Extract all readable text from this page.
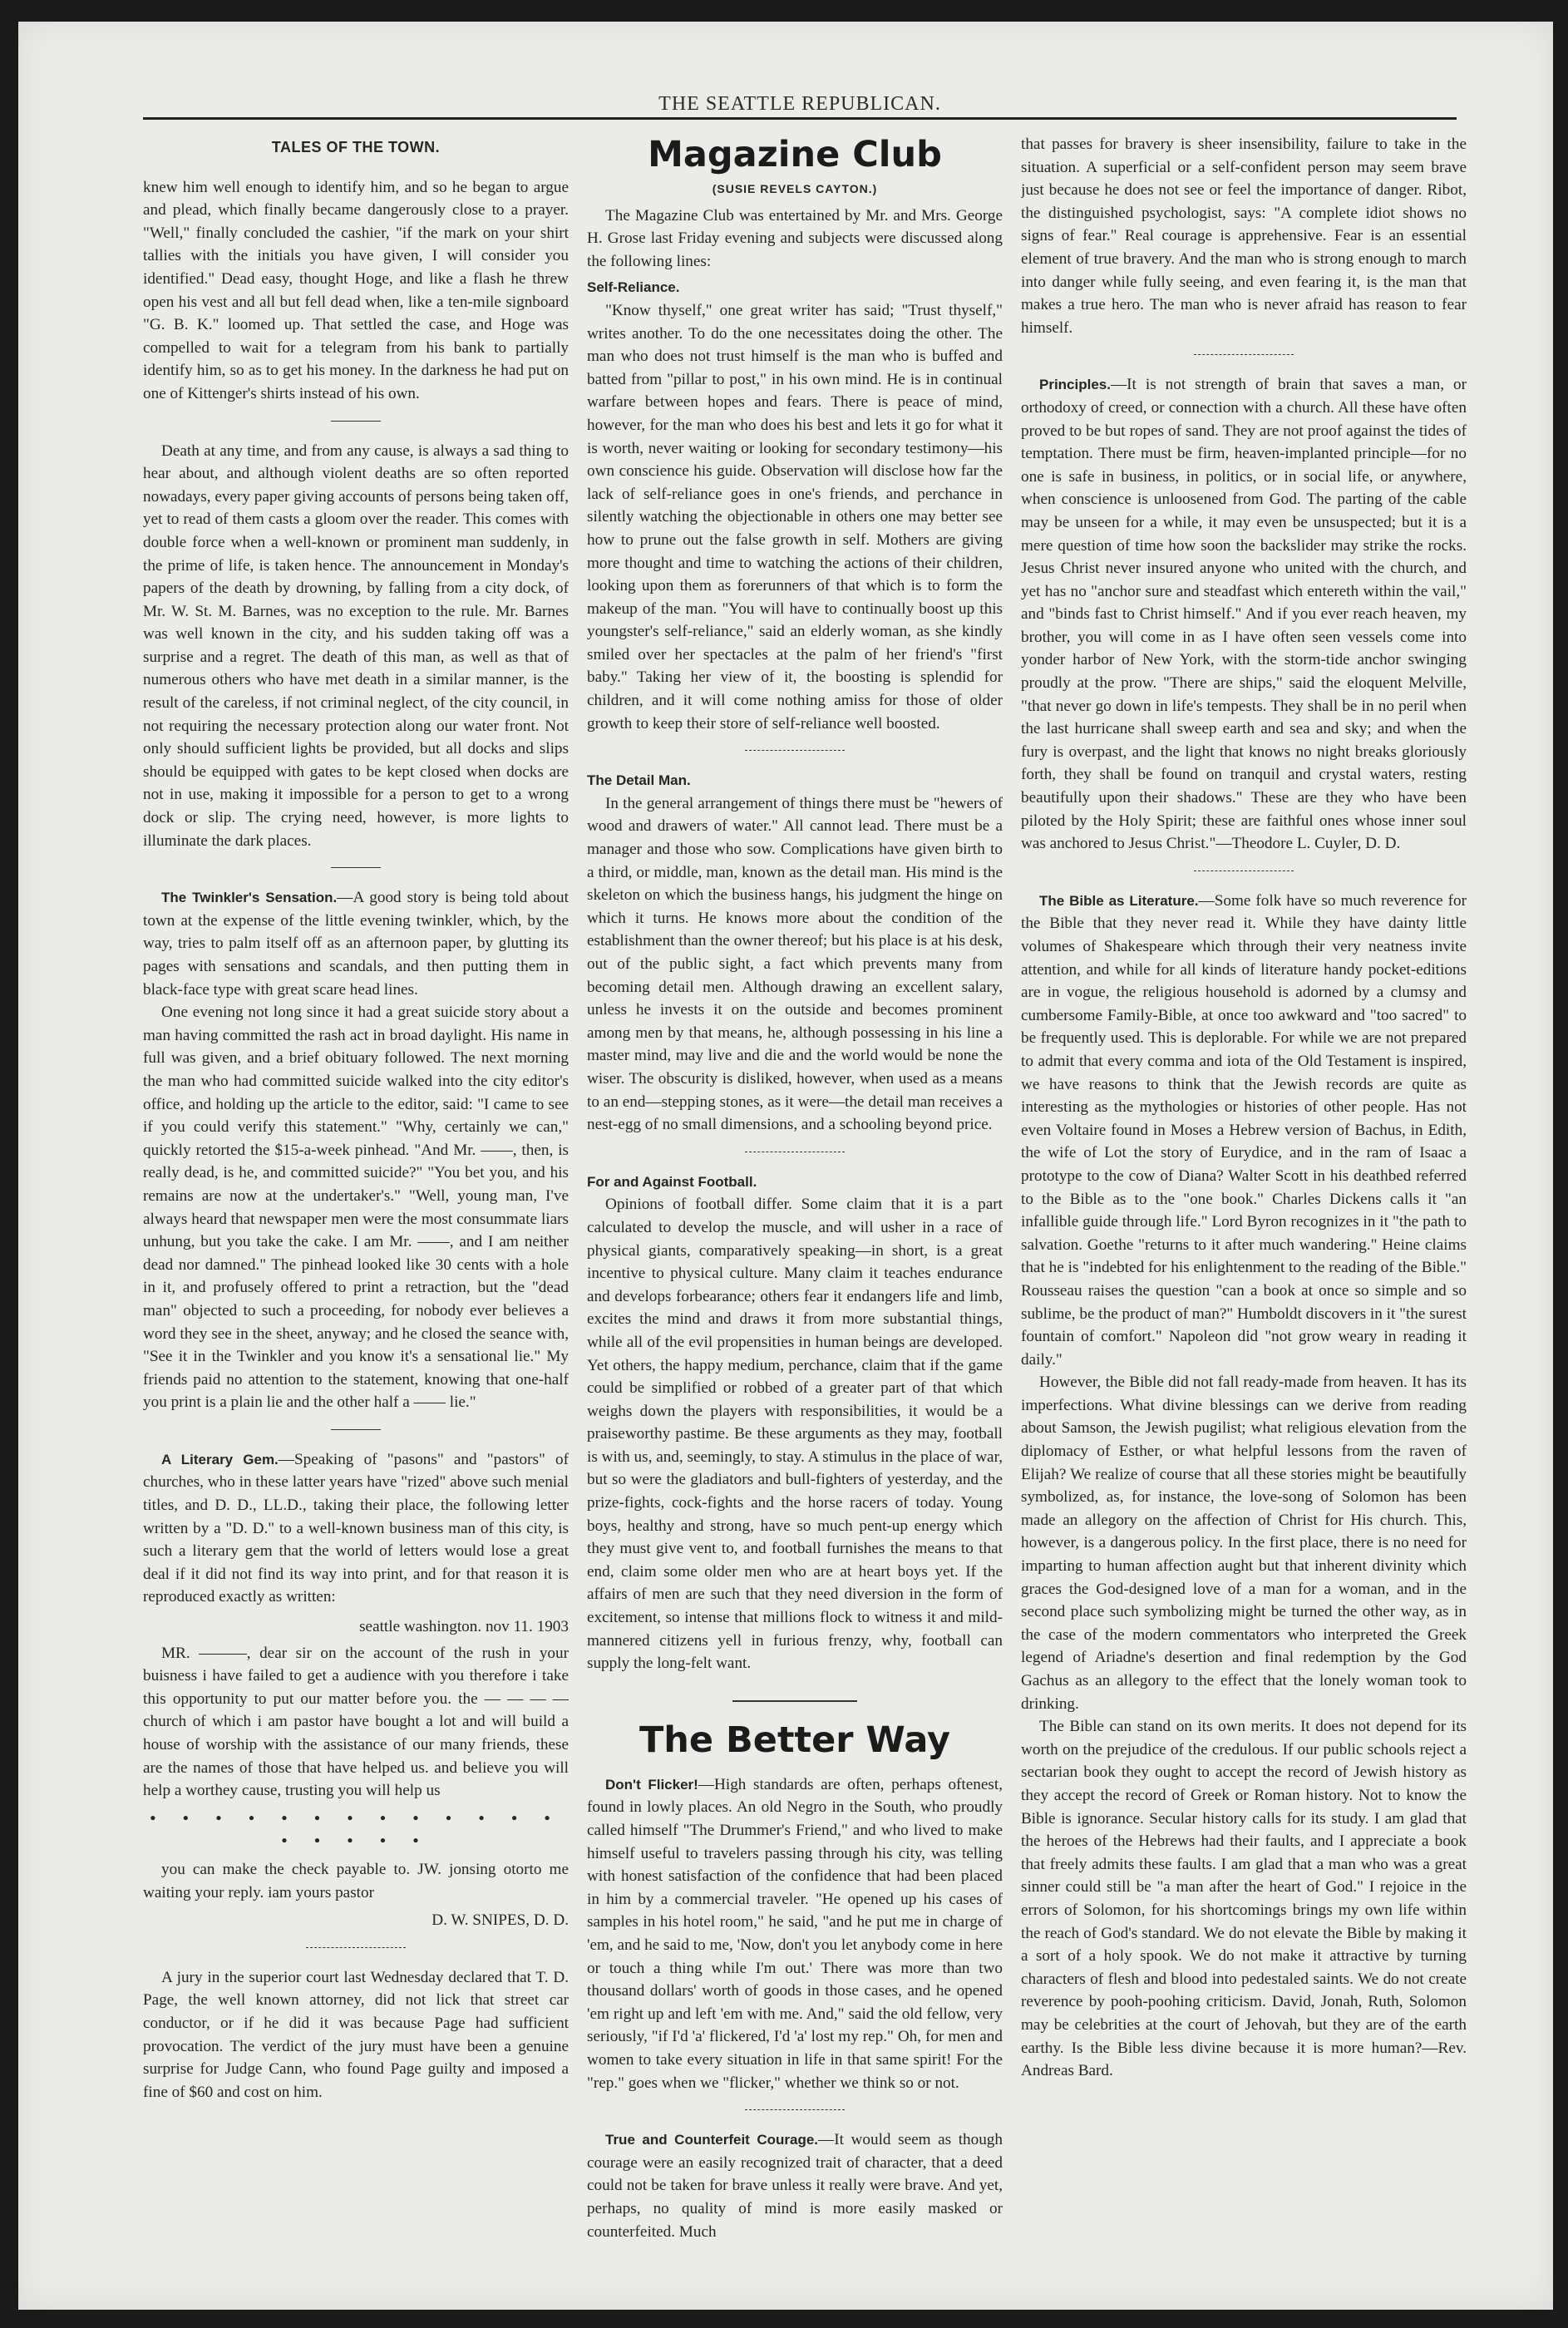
THE SEATTLE REPUBLICAN.
TALES OF THE TOWN.

knew him well enough to identify him, and so he began to argue and plead, which finally became dangerously close to a prayer. "Well," finally concluded the cashier, "if the mark on your shirt tallies with the initials you have given, I will consider you identified." Dead easy, thought Hoge, and like a flash he threw open his vest and all but fell dead when, like a ten-mile signboard "G. B. K." loomed up. That settled the case, and Hoge was compelled to wait for a telegram from his bank to partially identify him, so as to get his money. In the darkness he had put on one of Kittenger's shirts instead of his own.

Death at any time, and from any cause, is always a sad thing to hear about, and although violent deaths are so often reported nowadays, every paper giving accounts of persons being taken off, yet to read of them casts a gloom over the reader. This comes with double force when a well-known or prominent man suddenly, in the prime of life, is taken hence. The announcement in Monday's papers of the death by drowning, by falling from a city dock, of Mr. W. St. M. Barnes, was no exception to the rule. Mr. Barnes was well known in the city, and his sudden taking off was a surprise and a regret. The death of this man, as well as that of numerous others who have met death in a similar manner, is the result of the careless, if not criminal neglect, of the city council, in not requiring the necessary protection along our water front. Not only should sufficient lights be provided, but all docks and slips should be equipped with gates to be kept closed when docks are not in use, making it impossible for a person to get to a wrong dock or slip. The crying need, however, is more lights to illuminate the dark places.

The Twinkler's Sensation.—A good story is being told about town at the expense of the little evening twinkler, which, by the way, tries to palm itself off as an afternoon paper, by glutting its pages with sensations and scandals, and then putting them in black-face type with great scare head lines.

One evening not long since it had a great suicide story about a man having committed the rash act in broad daylight. His name in full was given, and a brief obituary followed. The next morning the man who had committed suicide walked into the city editor's office, and holding up the article to the editor, said: "I came to see if you could verify this statement." "Why, certainly we can," quickly retorted the $15-a-week pinhead. "And Mr. ——, then, is really dead, is he, and committed suicide?" "You bet you, and his remains are now at the undertaker's." "Well, young man, I've always heard that newspaper men were the most consummate liars unhung, but you take the cake. I am Mr. ——, and I am neither dead nor damned." The pinhead looked like 30 cents with a hole in it, and profusely offered to print a retraction, but the "dead man" objected to such a proceeding, for nobody ever believes a word they see in the sheet, anyway; and he closed the seance with, "See it in the Twinkler and you know it's a sensational lie." My friends paid no attention to the statement, knowing that one-half you print is a plain lie and the other half a —— lie."

A Literary Gem.—Speaking of "pasons" and "pastors" of churches, who in these latter years have "rized" above such menial titles, and D. D., LL.D., taking their place, the following letter written by a "D. D." to a well-known business man of this city, is such a literary gem that the world of letters would lose a great deal if it did not find its way into print, and for that reason it is reproduced exactly as written:

seattle washington. nov 11. 1903

MR. ———, dear sir on the account of the rush in your buisness i have failed to get a audience with you therefore i take this opportunity to put our matter before you. the — — — — church of which i am pastor have bought a lot and will build a house of worship with the assistance of our many friends, these are the names of those that have helped us. and believe you will help a worthey cause, trusting you will help us

• • • • • • • • • • • • • • • • • •

you can make the check payable to. JW. jonsing otorto me waiting your reply. iam yours pastor

D. W. SNIPES, D. D.

A jury in the superior court last Wednesday declared that T. D. Page, the well known attorney, did not lick that street car conductor, or if he did it was because Page had sufficient provocation. The verdict of the jury must have been a genuine surprise for Judge Cann, who found Page guilty and imposed a fine of $60 and cost on him.

Magazine Club
(SUSIE REVELS CAYTON.)

The Magazine Club was entertained by Mr. and Mrs. George H. Grose last Friday evening and subjects were discussed along the following lines:

Self-Reliance.

"Know thyself," one great writer has said; "Trust thyself," writes another. To do the one necessitates doing the other. The man who does not trust himself is the man who is buffed and batted from "pillar to post," in his own mind. He is in continual warfare between hopes and fears. There is peace of mind, however, for the man who does his best and lets it go for what it is worth, never waiting or looking for secondary testimony—his own conscience his guide. Observation will disclose how far the lack of self-reliance goes in one's friends, and perchance in silently watching the objectionable in others one may better see how to prune out the false growth in self. Mothers are giving more thought and time to watching the actions of their children, looking upon them as forerunners of that which is to form the makeup of the man. "You will have to continually boost up this youngster's self-reliance," said an elderly woman, as she kindly smiled over her spectacles at the palm of her friend's "first baby." Taking her view of it, the boosting is splendid for children, and it will come nothing amiss for those of older growth to keep their store of self-reliance well boosted.

The Detail Man.

In the general arrangement of things there must be "hewers of wood and drawers of water." All cannot lead. There must be a manager and those who sow. Complications have given birth to a third, or middle, man, known as the detail man. His mind is the skeleton on which the business hangs, his judgment the hinge on which it turns. He knows more about the condition of the establishment than the owner thereof; but his place is at his desk, out of the public sight, a fact which prevents many from becoming detail men. Although drawing an excellent salary, unless he invests it on the outside and becomes prominent among men by that means, he, although possessing in his line a master mind, may live and die and the world would be none the wiser. The obscurity is disliked, however, when used as a means to an end—stepping stones, as it were—the detail man receives a nest-egg of no small dimensions, and a schooling beyond price.

For and Against Football.

Opinions of football differ. Some claim that it is a part calculated to develop the muscle, and will usher in a race of physical giants, comparatively speaking—in short, is a great incentive to physical culture. Many claim it teaches endurance and develops forbearance; others fear it endangers life and limb, excites the mind and draws it from more substantial things, while all of the evil propensities in human beings are developed. Yet others, the happy medium, perchance, claim that if the game could be simplified or robbed of a greater part of that which weighs down the players with responsibilities, it would be a praiseworthy pastime. Be these arguments as they may, football is with us, and, seemingly, to stay. A stimulus in the place of war, but so were the gladiators and bull-fighters of yesterday, and the prize-fights, cock-fights and the horse racers of today. Young boys, healthy and strong, have so much pent-up energy which they must give vent to, and football furnishes the means to that end, claim some older men who are at heart boys yet. If the affairs of men are such that they need diversion in the form of excitement, so intense that millions flock to witness it and mild-mannered citizens yell in furious frenzy, why, football can supply the long-felt want.

The Better Way

Don't Flicker!—High standards are often, perhaps oftenest, found in lowly places. An old Negro in the South, who proudly called himself "The Drummer's Friend," and who lived to make himself useful to travelers passing through his city, was telling with honest satisfaction of the confidence that had been placed in him by a commercial traveler. "He opened up his cases of samples in his hotel room," he said, "and he put me in charge of 'em, and he said to me, 'Now, don't you let anybody come in here or touch a thing while I'm out.' There was more than two thousand dollars' worth of goods in those cases, and he opened 'em right up and left 'em with me. And," said the old fellow, very seriously, "if I'd 'a' flickered, I'd 'a' lost my rep." Oh, for men and women to take every situation in life in that same spirit! For the "rep." goes when we "flicker," whether we think so or not.

True and Counterfeit Courage.—It would seem as though courage were an easily recognized trait of character, that a deed could not be taken for brave unless it really were brave. And yet, perhaps, no quality of mind is more easily masked or counterfeited. Much

that passes for bravery is sheer insensibility, failure to take in the situation. A superficial or a self-confident person may seem brave just because he does not see or feel the importance of danger. Ribot, the distinguished psychologist, says: "A complete idiot shows no signs of fear." Real courage is apprehensive. Fear is an essential element of true bravery. And the man who is strong enough to march into danger while fully seeing, and even fearing it, is the man that makes a true hero. The man who is never afraid has reason to fear himself.

Principles.—It is not strength of brain that saves a man, or orthodoxy of creed, or connection with a church. All these have often proved to be but ropes of sand. They are not proof against the tides of temptation. There must be firm, heaven-implanted principle—for no one is safe in business, in politics, or in social life, or anywhere, when conscience is unloosened from God. The parting of the cable may be unseen for a while, it may even be unsuspected; but it is a mere question of time how soon the backslider may strike the rocks. Jesus Christ never insured anyone who united with the church, and yet has no "anchor sure and steadfast which entereth within the vail," and "binds fast to Christ himself." And if you ever reach heaven, my brother, you will come in as I have often seen vessels come into yonder harbor of New York, with the storm-tide anchor swinging proudly at the prow. "There are ships," said the eloquent Melville, "that never go down in life's tempests. They shall be in no peril when the last hurricane shall sweep earth and sea and sky; and when the fury is overpast, and the light that knows no night breaks gloriously forth, they shall be found on tranquil and crystal waters, resting beautifully upon their shadows." These are they who have been piloted by the Holy Spirit; these are faithful ones whose inner soul was anchored to Jesus Christ."—Theodore L. Cuyler, D. D.

The Bible as Literature.—Some folk have so much reverence for the Bible that they never read it. While they have dainty little volumes of Shakespeare which through their very neatness invite attention, and while for all kinds of literature handy pocket-editions are in vogue, the religious household is adorned by a clumsy and cumbersome Family-Bible, at once too awkward and "too sacred" to be frequently used. This is deplorable. For while we are not prepared to admit that every comma and iota of the Old Testament is inspired, we have reasons to think that the Jewish records are quite as interesting as the mythologies or histories of other people. Has not even Voltaire found in Moses a Hebrew version of Bachus, in Edith, the wife of Lot the story of Eurydice, and in the ram of Isaac a prototype to the cow of Diana? Walter Scott in his deathbed referred to the Bible as to the "one book." Charles Dickens calls it "an infallible guide through life." Lord Byron recognizes in it "the path to salvation. Goethe "returns to it after much wandering." Heine claims that he is "indebted for his enlightenment to the reading of the Bible." Rousseau raises the question "can a book at once so simple and so sublime, be the product of man?" Humboldt discovers in it "the surest fountain of comfort." Napoleon did "not grow weary in reading it daily."

However, the Bible did not fall ready-made from heaven. It has its imperfections. What divine blessings can we derive from reading about Samson, the Jewish pugilist; what religious elevation from the diplomacy of Esther, or what helpful lessons from the raven of Elijah? We realize of course that all these stories might be beautifully symbolized, as, for instance, the love-song of Solomon has been made an allegory on the affection of Christ for His church. This, however, is a dangerous policy. In the first place, there is no need for imparting to human affection aught but that inherent divinity which graces the God-designed love of a man for a woman, and in the second place such symbolizing might be turned the other way, as in the case of the modern commentators who interpreted the Greek legend of Ariadne's desertion and final redemption by the God Gachus as an allegory to the effect that the lonely woman took to drinking.

The Bible can stand on its own merits. It does not depend for its worth on the prejudice of the credulous. If our public schools reject a sectarian book they ought to accept the record of Jewish history as they accept the record of Greek or Roman history. Not to know the Bible is ignorance. Secular history calls for its study. I am glad that the heroes of the Hebrews had their faults, and I appreciate a book that freely admits these faults. I am glad that a man who was a great sinner could still be "a man after the heart of God." I rejoice in the errors of Solomon, for his shortcomings brings my own life within the reach of God's standard. We do not elevate the Bible by making it a sort of a holy spook. We do not make it attractive by turning characters of flesh and blood into pedestaled saints. We do not create reverence by pooh-poohing criticism. David, Jonah, Ruth, Solomon may be celebrities at the court of Jehovah, but they are of the earth earthy. Is the Bible less divine because it is more human?—Rev. Andreas Bard.
